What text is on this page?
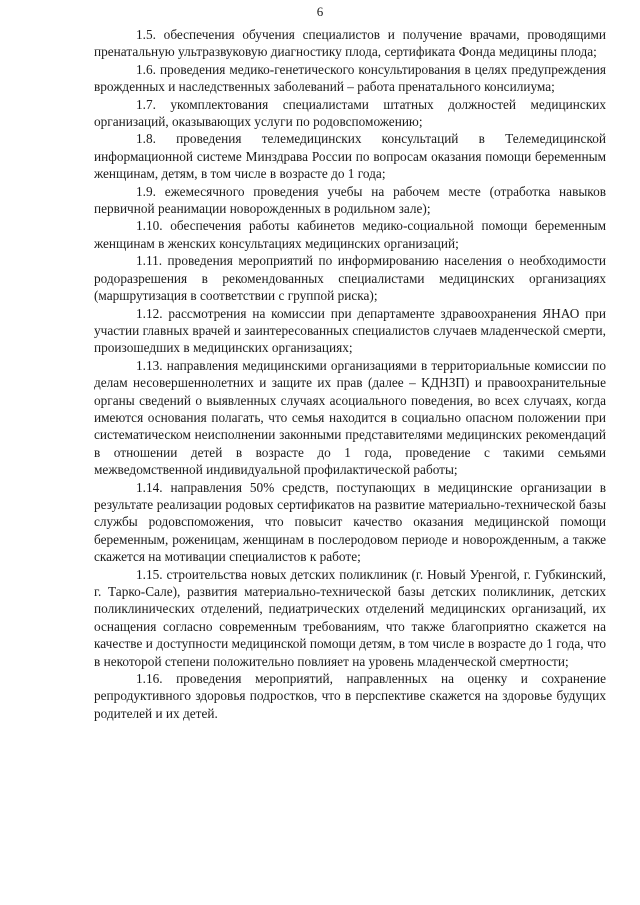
6

1.5. обеспечения обучения специалистов и получение врачами, проводящими пренатальную ультразвуковую диагностику плода, сертификата Фонда медицины плода;

1.6. проведения медико-генетического консультирования в целях предупреждения врожденных и наследственных заболеваний – работа пренатального консилиума;

1.7. укомплектования специалистами штатных должностей медицинских организаций, оказывающих услуги по родовспоможению;

1.8. проведения телемедицинских консультаций в Телемедицинской информационной системе Минздрава России по вопросам оказания помощи беременным женщинам, детям, в том числе в возрасте до 1 года;

1.9. ежемесячного проведения учебы на рабочем месте (отработка навыков первичной реанимации новорожденных в родильном зале);

1.10. обеспечения работы кабинетов медико-социальной помощи беременным женщинам в женских консультациях медицинских организаций;

1.11. проведения мероприятий по информированию населения о необходимости родоразрешения в рекомендованных специалистами медицинских организациях (маршрутизация в соответствии с группой риска);

1.12. рассмотрения на комиссии при департаменте здравоохранения ЯНАО при участии главных врачей и заинтересованных специалистов случаев младенческой смерти, произошедших в медицинских организациях;

1.13. направления медицинскими организациями в территориальные комиссии по делам несовершеннолетних и защите их прав (далее – КДНЗП) и правоохранительные органы сведений о выявленных случаях асоциального поведения, во всех случаях, когда имеются основания полагать, что семья находится в социально опасном положении при систематическом неисполнении законными представителями медицинских рекомендаций в отношении детей в возрасте до 1 года, проведение с такими семьями межведомственной индивидуальной профилактической работы;

1.14. направления 50% средств, поступающих в медицинские организации в результате реализации родовых сертификатов на развитие материально-технической базы службы родовспоможения, что повысит качество оказания медицинской помощи беременным, роженицам, женщинам в послеродовом периоде и новорожденным, а также скажется на мотивации специалистов к работе;

1.15. строительства новых детских поликлиник (г. Новый Уренгой, г. Губкинский, г. Тарко-Сале), развития материально-технической базы детских поликлиник, детских поликлинических отделений, педиатрических отделений медицинских организаций, их оснащения согласно современным требованиям, что также благоприятно скажется на качестве и доступности медицинской помощи детям, в том числе в возрасте до 1 года, что в некоторой степени положительно повлияет на уровень младенческой смертности;

1.16. проведения мероприятий, направленных на оценку и сохранение репродуктивного здоровья подростков, что в перспективе скажется на здоровье будущих родителей и их детей.
